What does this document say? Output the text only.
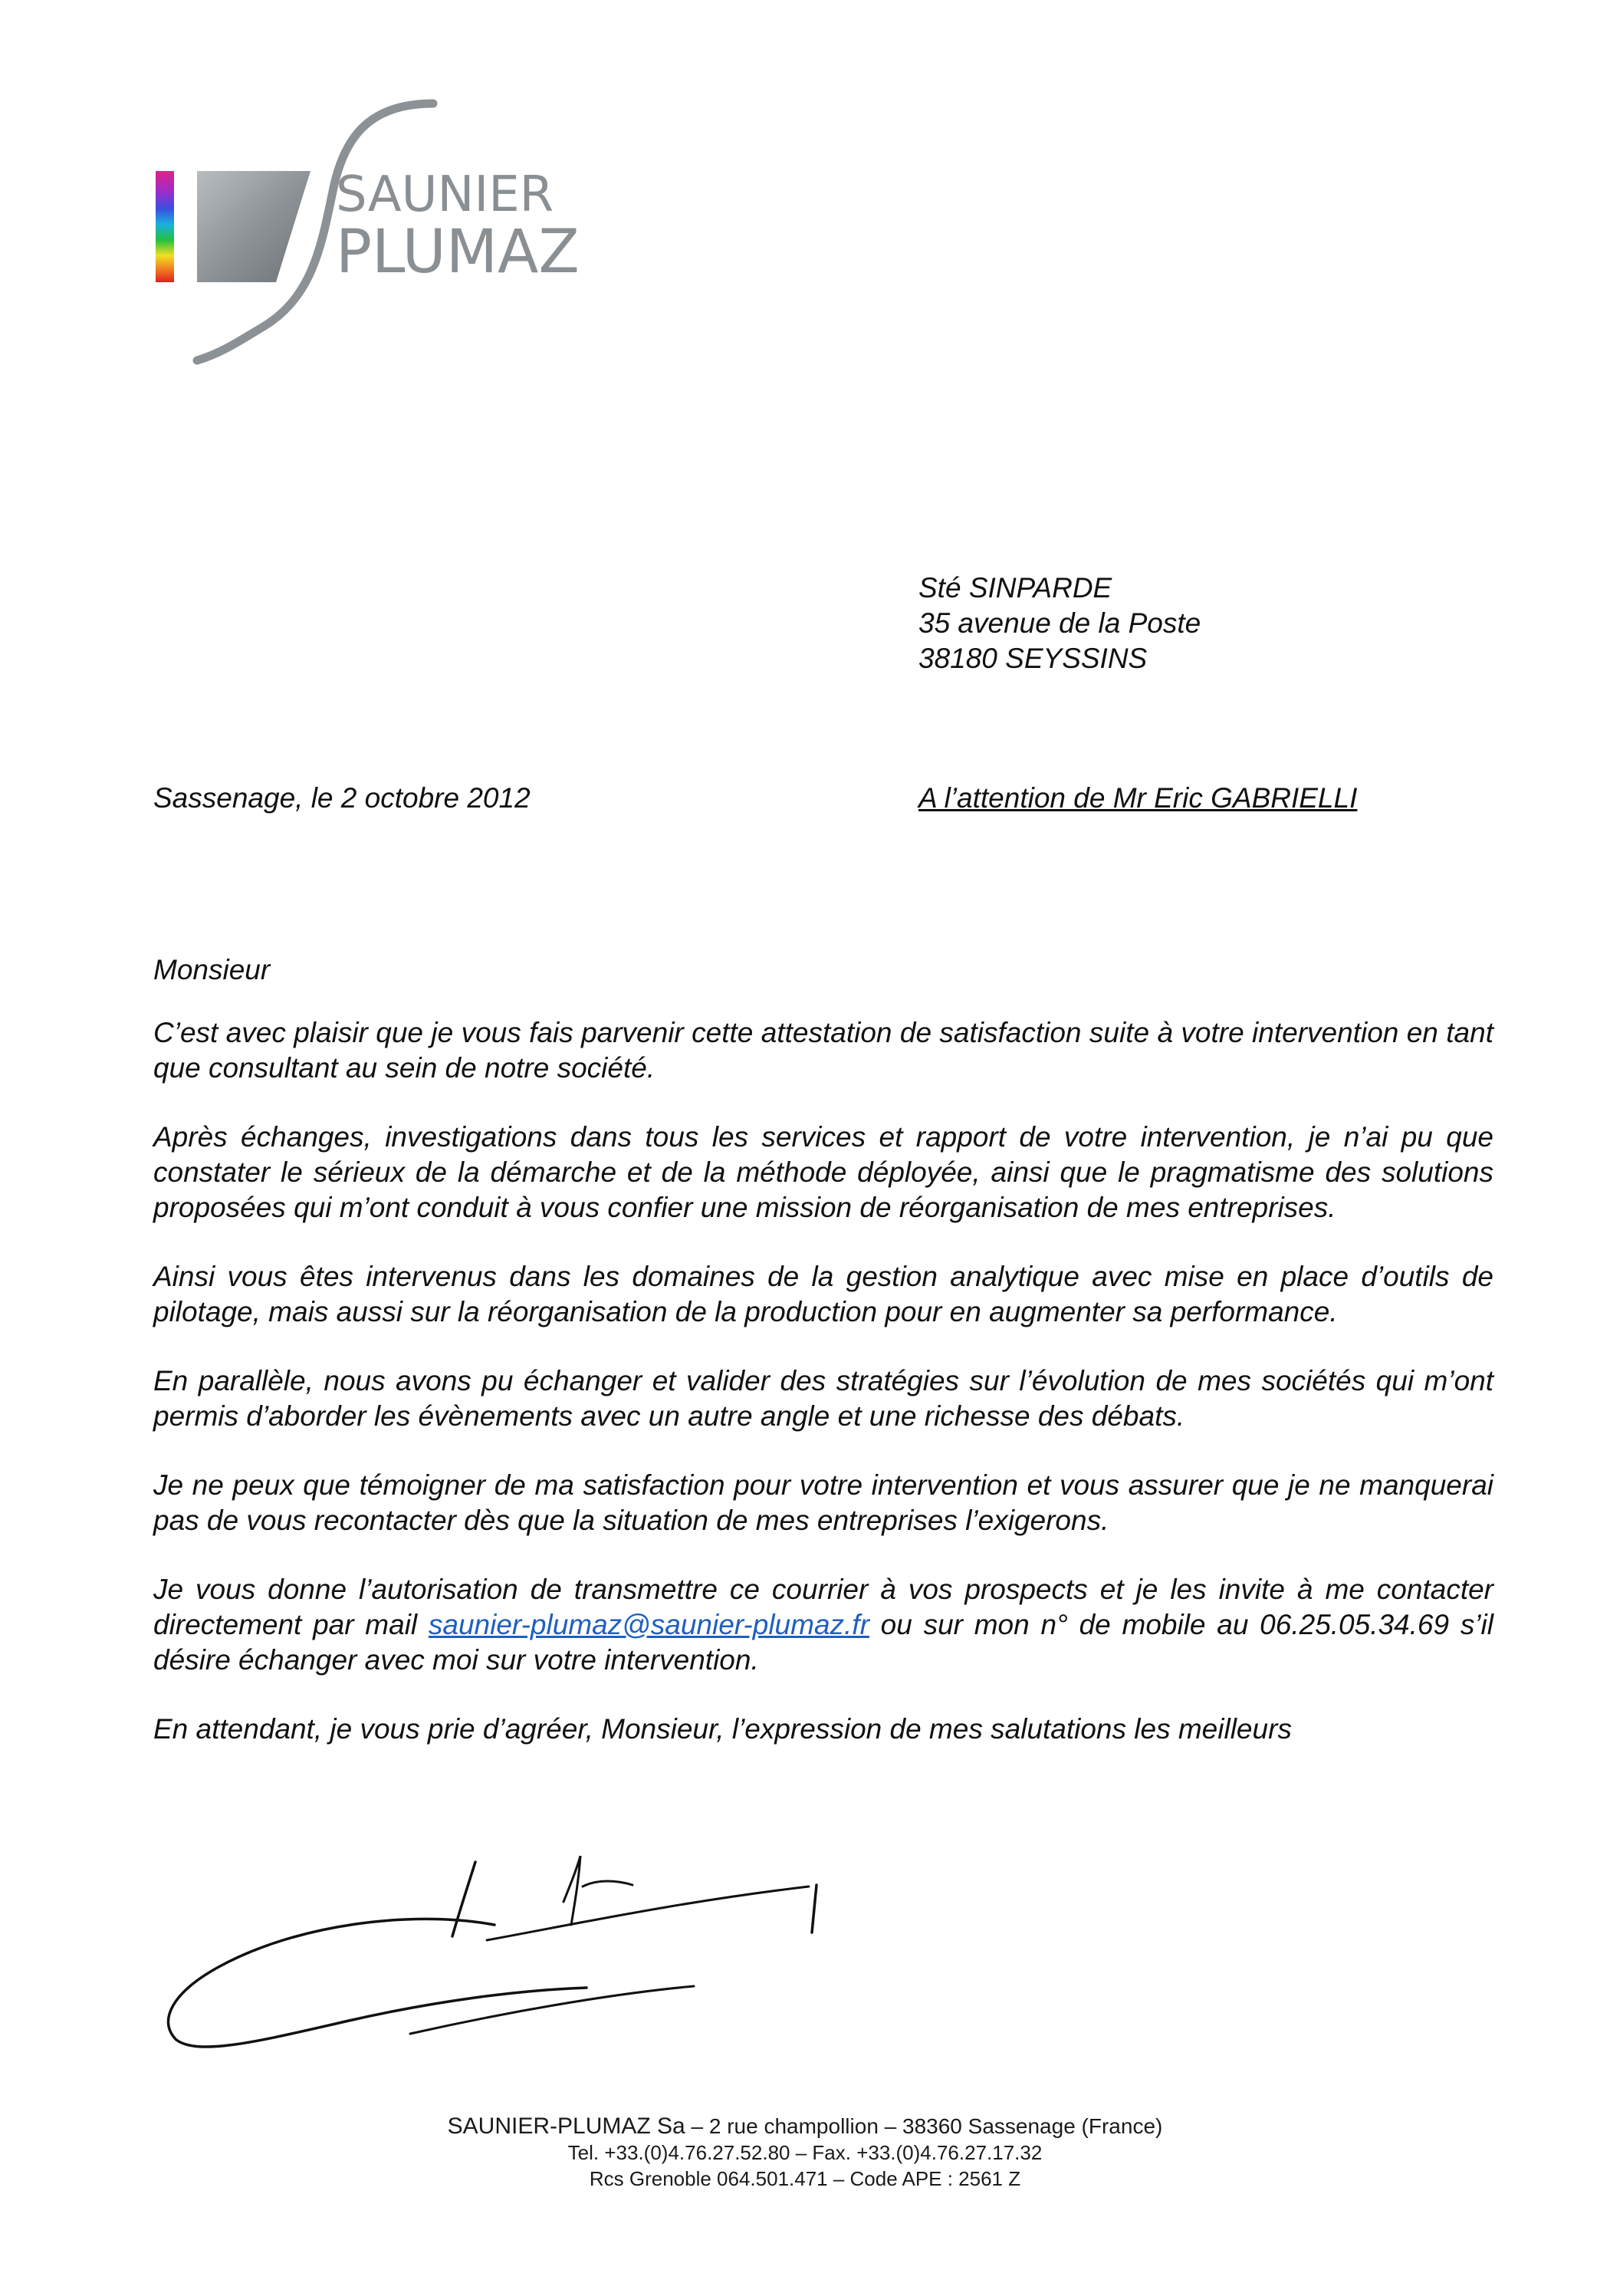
SAUNIER
PLUMAZ
Sté SINPARDE
35 avenue de la Poste
38180 SEYSSINS
Sassenage, le 2 octobre 2012	A l’attention de Mr Eric GABRIELLI

Monsieur

C’est avec plaisir que je vous fais parvenir cette attestation de satisfaction suite à votre intervention en tant que consultant au sein de notre société.

Après échanges, investigations dans tous les services et rapport de votre intervention, je n’ai pu que constater le sérieux de la démarche et de la méthode déployée, ainsi que le pragmatisme des solutions proposées qui m’ont conduit à vous confier une mission de réorganisation de mes entreprises.

Ainsi vous êtes intervenus dans les domaines de la gestion analytique avec mise en place d’outils de pilotage, mais aussi sur la réorganisation de la production pour en augmenter sa performance.

En parallèle, nous avons pu échanger et valider des stratégies sur l’évolution de mes sociétés qui m’ont permis d’aborder les évènements avec un autre angle et une richesse des débats.

Je ne peux que témoigner de ma satisfaction pour votre intervention et vous assurer que je ne manquerai pas de vous recontacter dès que la situation de mes entreprises l’exigerons.

Je vous donne l’autorisation de transmettre ce courrier à vos prospects et je les invite à me contacter directement par mail saunier-plumaz@saunier-plumaz.fr ou sur mon n° de mobile au 06.25.05.34.69 s’il désire échanger avec moi sur votre intervention.

En attendant, je vous prie d’agréer, Monsieur, l’expression de mes salutations les meilleurs

SAUNIER-PLUMAZ Sa – 2 rue champollion – 38360 Sassenage (France)
Tel. +33.(0)4.76.27.52.80 – Fax. +33.(0)4.76.27.17.32
Rcs Grenoble 064.501.471 – Code APE : 2561 Z
